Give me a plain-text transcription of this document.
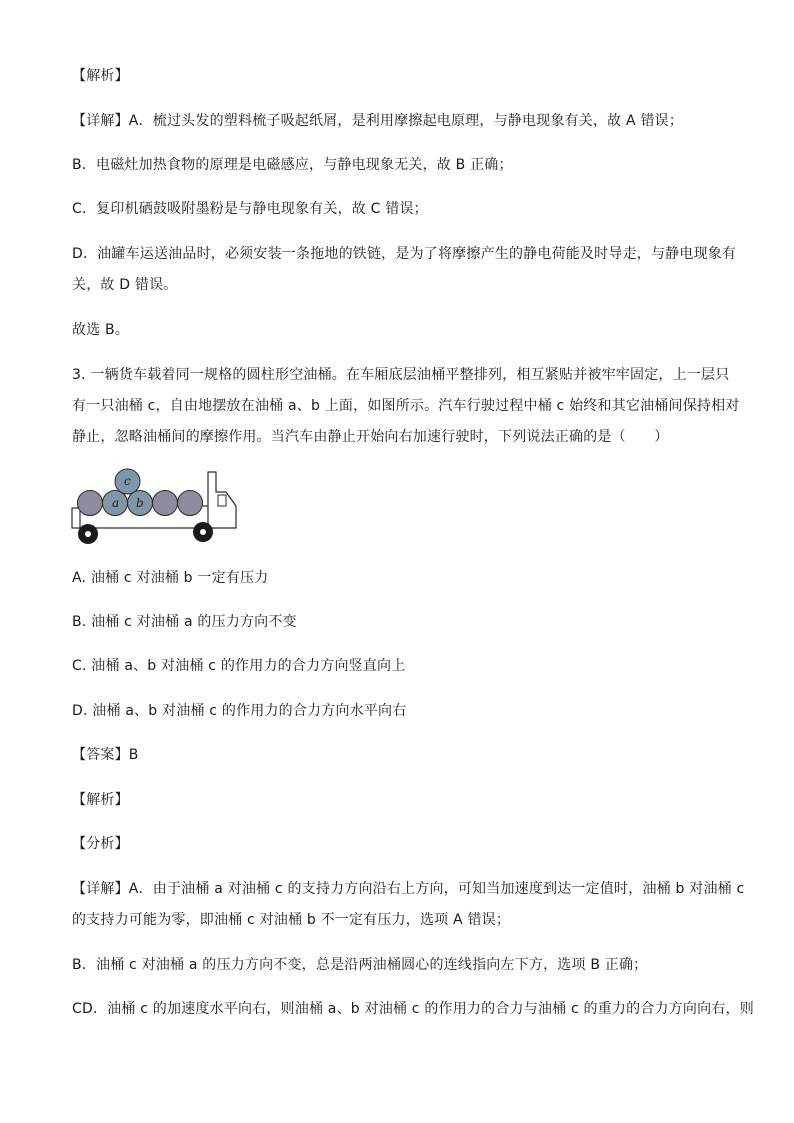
【解析】
【详解】A．梳过头发的塑料梳子吸起纸屑，是利用摩擦起电原理，与静电现象有关，故 A 错误；
B．电磁灶加热食物的原理是电磁感应，与静电现象无关，故 B 正确；
C．复印机硒鼓吸附墨粉是与静电现象有关，故 C 错误；
D．油罐车运送油品时，必须安装一条拖地的铁链，是为了将摩擦产生的静电荷能及时导走，与静电现象有
关，故 D 错误。
故选 B。
3. 一辆货车载着同一规格的圆柱形空油桶。在车厢底层油桶平整排列，相互紧贴并被牢牢固定，上一层只
有一只油桶 c，自由地摆放在油桶 a、b 上面，如图所示。汽车行驶过程中桶 c 始终和其它油桶间保持相对
静止，忽略油桶间的摩擦作用。当汽车由静止开始向右加速行驶时，下列说法正确的是（　　）
a b
c
A. 油桶 c 对油桶 b 一定有压力
B. 油桶 c 对油桶 a 的压力方向不变
C. 油桶 a、b 对油桶 c 的作用力的合力方向竖直向上
D. 油桶 a、b 对油桶 c 的作用力的合力方向水平向右
【答案】B
【解析】
【分析】
【详解】A．由于油桶 a 对油桶 c 的支持力方向沿右上方向，可知当加速度到达一定值时，油桶 b 对油桶 c
的支持力可能为零，即油桶 c 对油桶 b 不一定有压力，选项 A 错误；
B．油桶 c 对油桶 a 的压力方向不变，总是沿两油桶圆心的连线指向左下方，选项 B 正确；
CD．油桶 c 的加速度水平向右，则油桶 a、b 对油桶 c 的作用力的合力与油桶 c 的重力的合力方向向右，则
